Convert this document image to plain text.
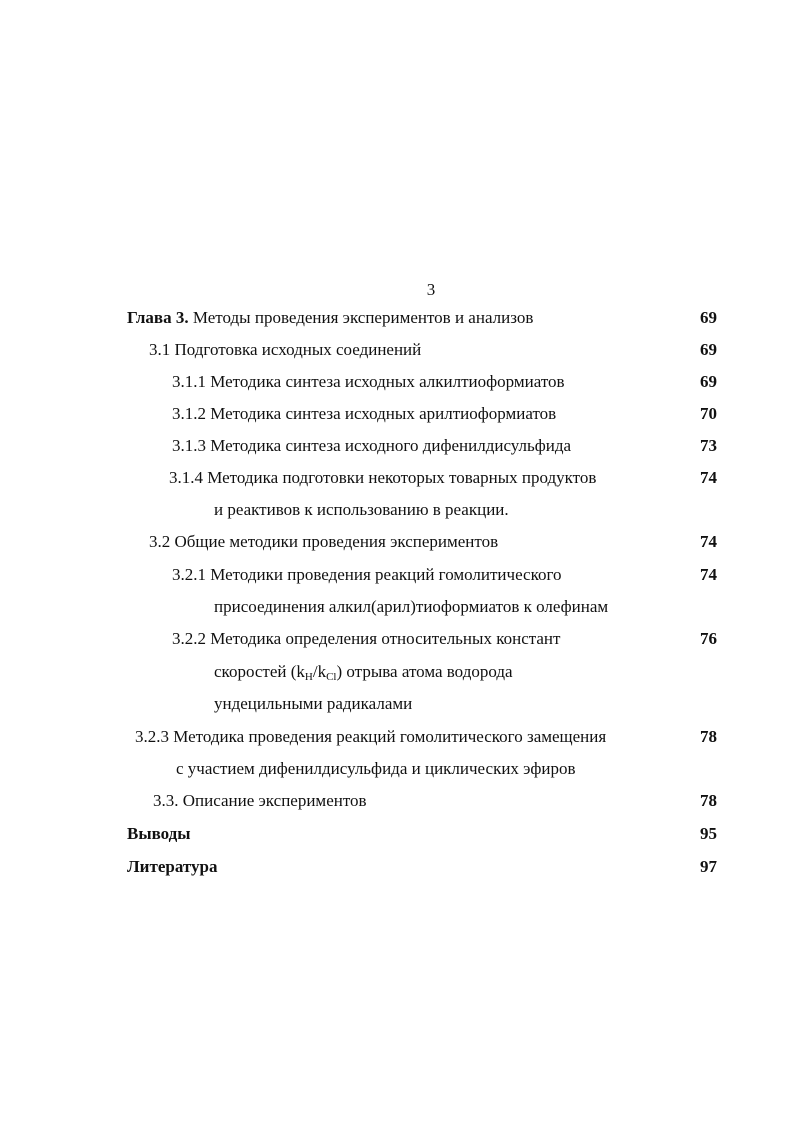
3
Глава 3. Методы проведения экспериментов и анализов	69
3.1 Подготовка исходных соединений	69
3.1.1 Методика синтеза исходных алкилтиоформиатов	69
3.1.2 Методика синтеза исходных арилтиоформиатов	70
3.1.3 Методика синтеза исходного дифенилдисульфида	73
3.1.4 Методика подготовки некоторых товарных продуктов	74
и реактивов к использованию в реакции.
3.2 Общие методики проведения экспериментов	74
3.2.1 Методики проведения реакций гомолитического	74
присоединения алкил(арил)тиоформиатов к олефинам
3.2.2 Методика определения относительных констант	76
скоростей $(k_H/k_{Cl})$ отрыва атома водорода
ундецильными радикалами
3.2.3 Методика проведения реакций гомолитического замещения	78
с участием дифенилдисульфида и циклических эфиров
3.3. Описание экспериментов	78
Выводы	95
Литература	97
